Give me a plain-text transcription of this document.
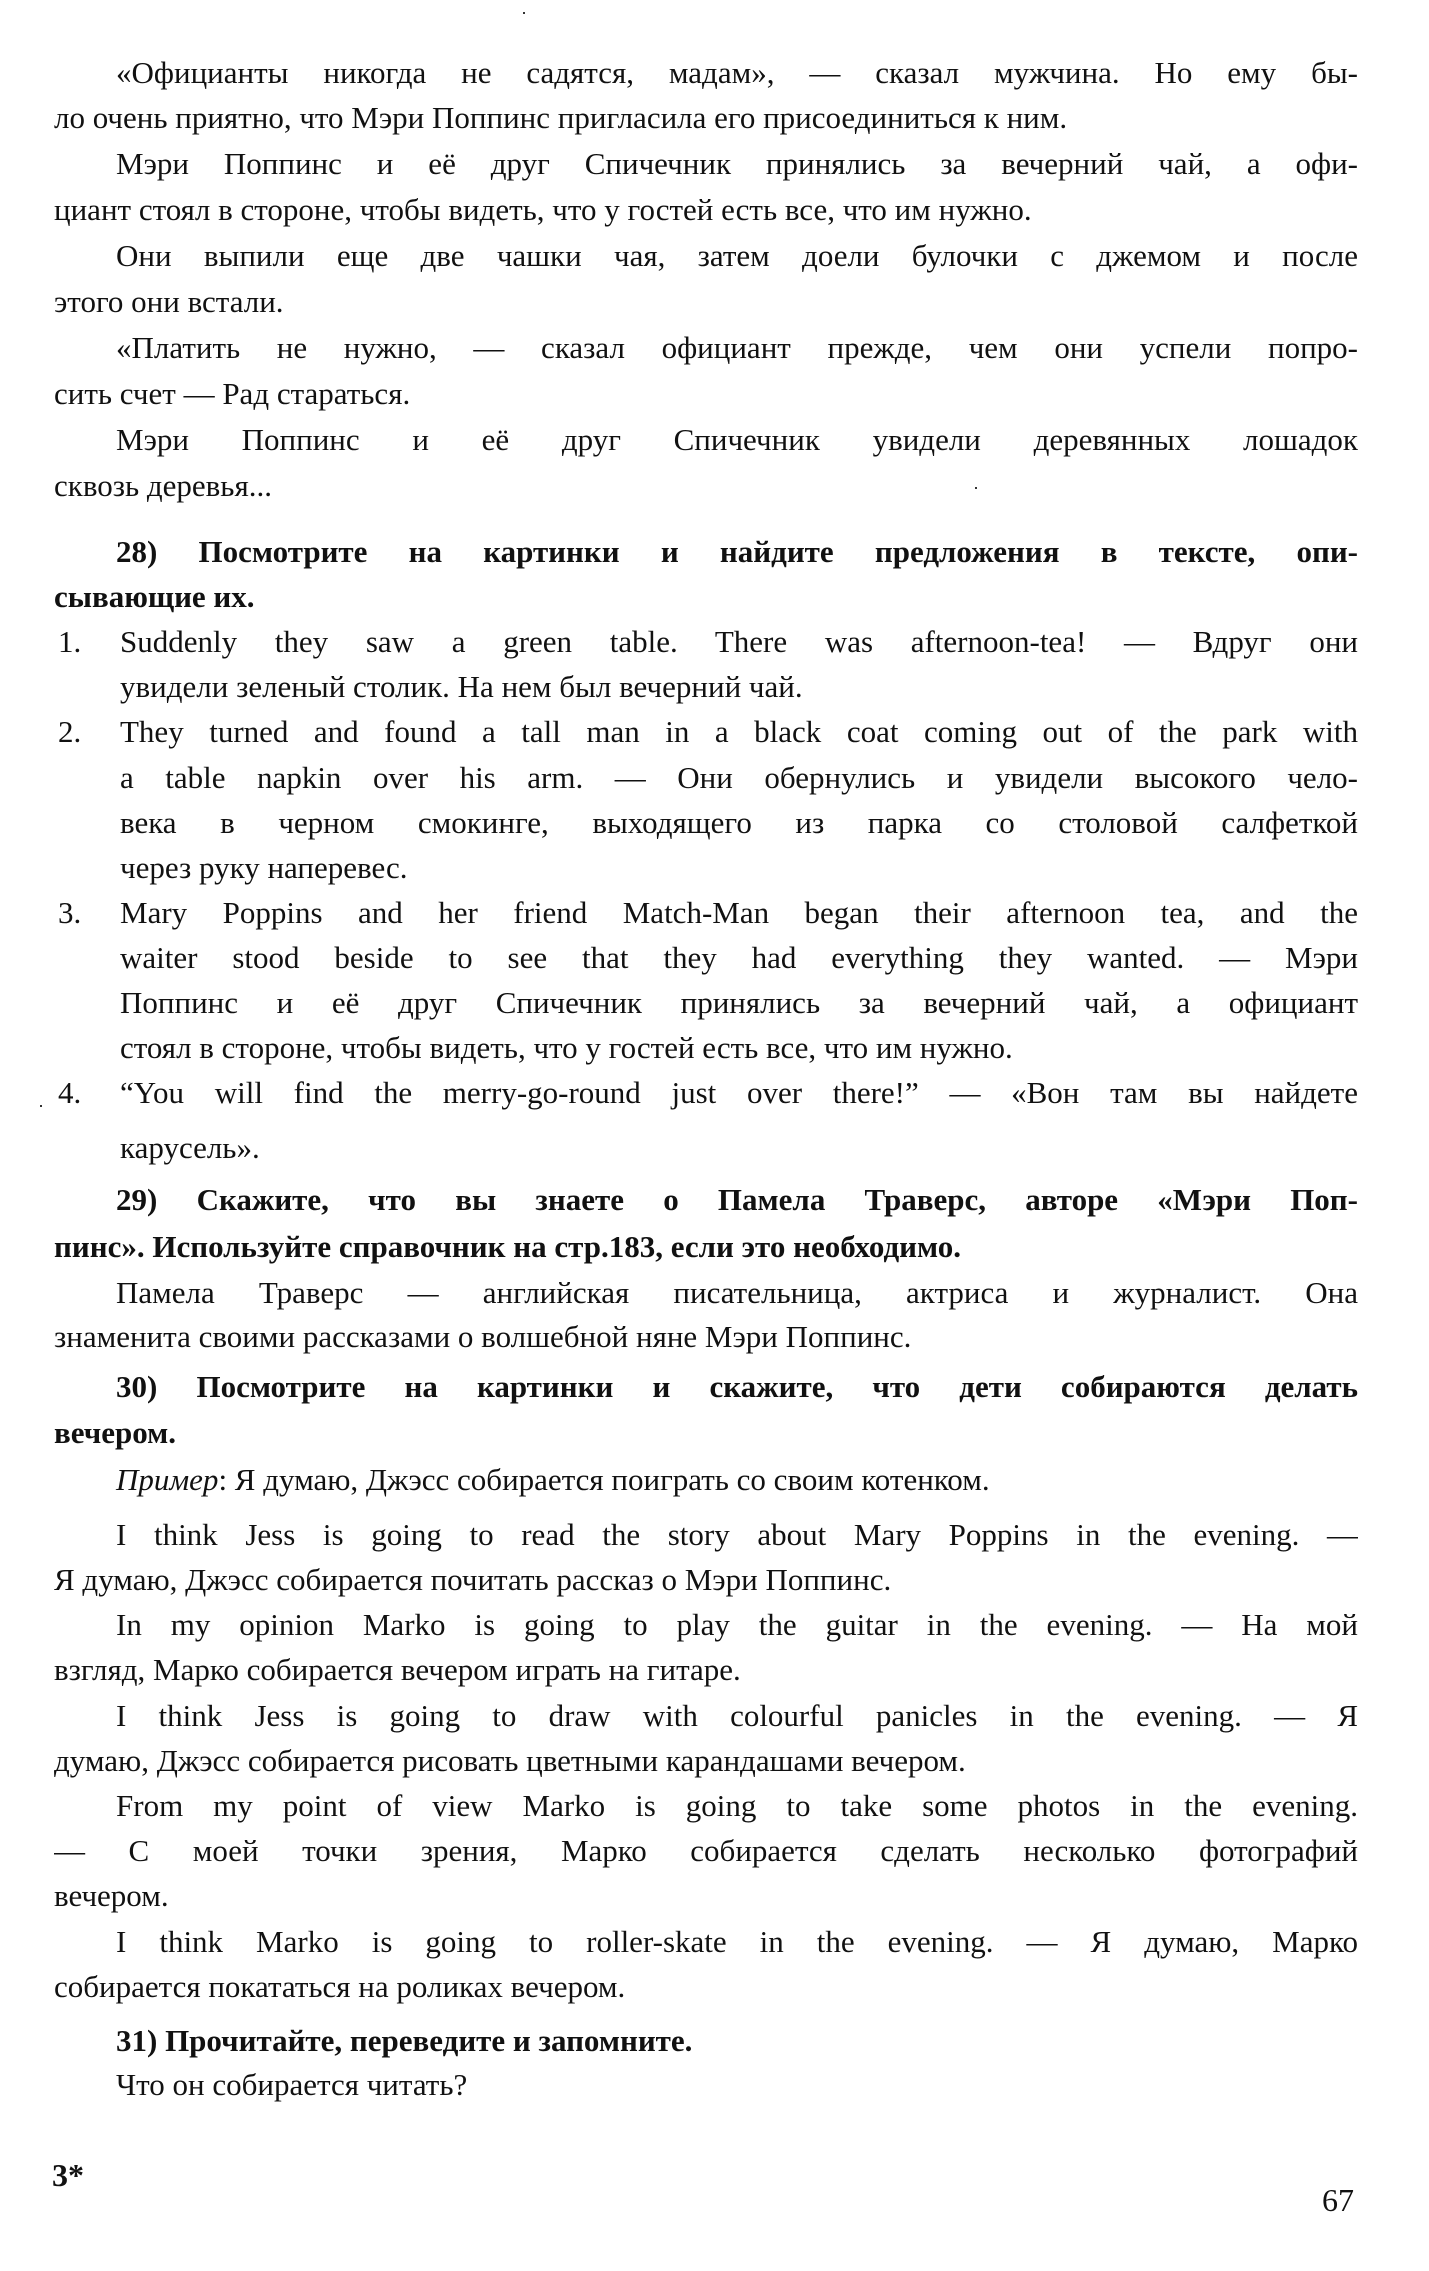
«Официанты никогда не садятся, мадам», — сказал мужчина. Но ему бы-
ло очень приятно, что Мэри Поппинс пригласила его присоединиться к ним.
Мэри Поппинс и её друг Спичечник принялись за вечерний чай, а офи-
циант стоял в стороне, чтобы видеть, что у гостей есть все, что им нужно.
Они выпили еще две чашки чая, затем доели булочки с джемом и после
этого они встали.
«Платить не нужно, — сказал официант прежде, чем они успели попро-
сить счет — Рад стараться.
Мэри Поппинс и её друг Спичечник увидели деревянных лошадок
сквозь деревья...
28) Посмотрите на картинки и найдите предложения в тексте, опи-
сывающие их.
1. Suddenly they saw a green table. There was afternoon-tea! — Вдруг они
увидели зеленый столик. На нем был вечерний чай.
2. They turned and found a tall man in a black coat coming out of the park with
a table napkin over his arm. — Они обернулись и увидели высокого чело-
века в черном смокинге, выходящего из парка со столовой салфеткой
через руку наперевес.
3. Mary Poppins and her friend Match-Man began their afternoon tea, and the
waiter stood beside to see that they had everything they wanted. — Мэри
Поппинс и её друг Спичечник принялись за вечерний чай, а официант
стоял в стороне, чтобы видеть, что у гостей есть все, что им нужно.
4. “You will find the merry-go-round just over there!” — «Вон там вы найдете
карусель».
29) Скажите, что вы знаете о Памела Траверс, авторе «Мэри Поп-
пинс». Используйте справочник на стр.183, если это необходимо.
Памела Траверс — английская писательница, актриса и журналист. Она
знаменита своими рассказами о волшебной няне Мэри Поппинс.
30) Посмотрите на картинки и скажите, что дети собираются делать
вечером.
Пример: Я думаю, Джэсс собирается поиграть со своим котенком.
I think Jess is going to read the story about Mary Poppins in the evening. —
Я думаю, Джэсс собирается почитать рассказ о Мэри Поппинс.
In my opinion Marko is going to play the guitar in the evening. — На мой
взгляд, Марко собирается вечером играть на гитаре.
I think Jess is going to draw with colourful panicles in the evening. — Я
думаю, Джэсс собирается рисовать цветными карандашами вечером.
From my point of view Marko is going to take some photos in the evening.
— С моей точки зрения, Марко собирается сделать несколько фотографий
вечером.
I think Marko is going to roller-skate in the evening. — Я думаю, Марко
собирается покататься на роликах вечером.
31) Прочитайте, переведите и запомните.
Что он собирается читать?
3*
67
